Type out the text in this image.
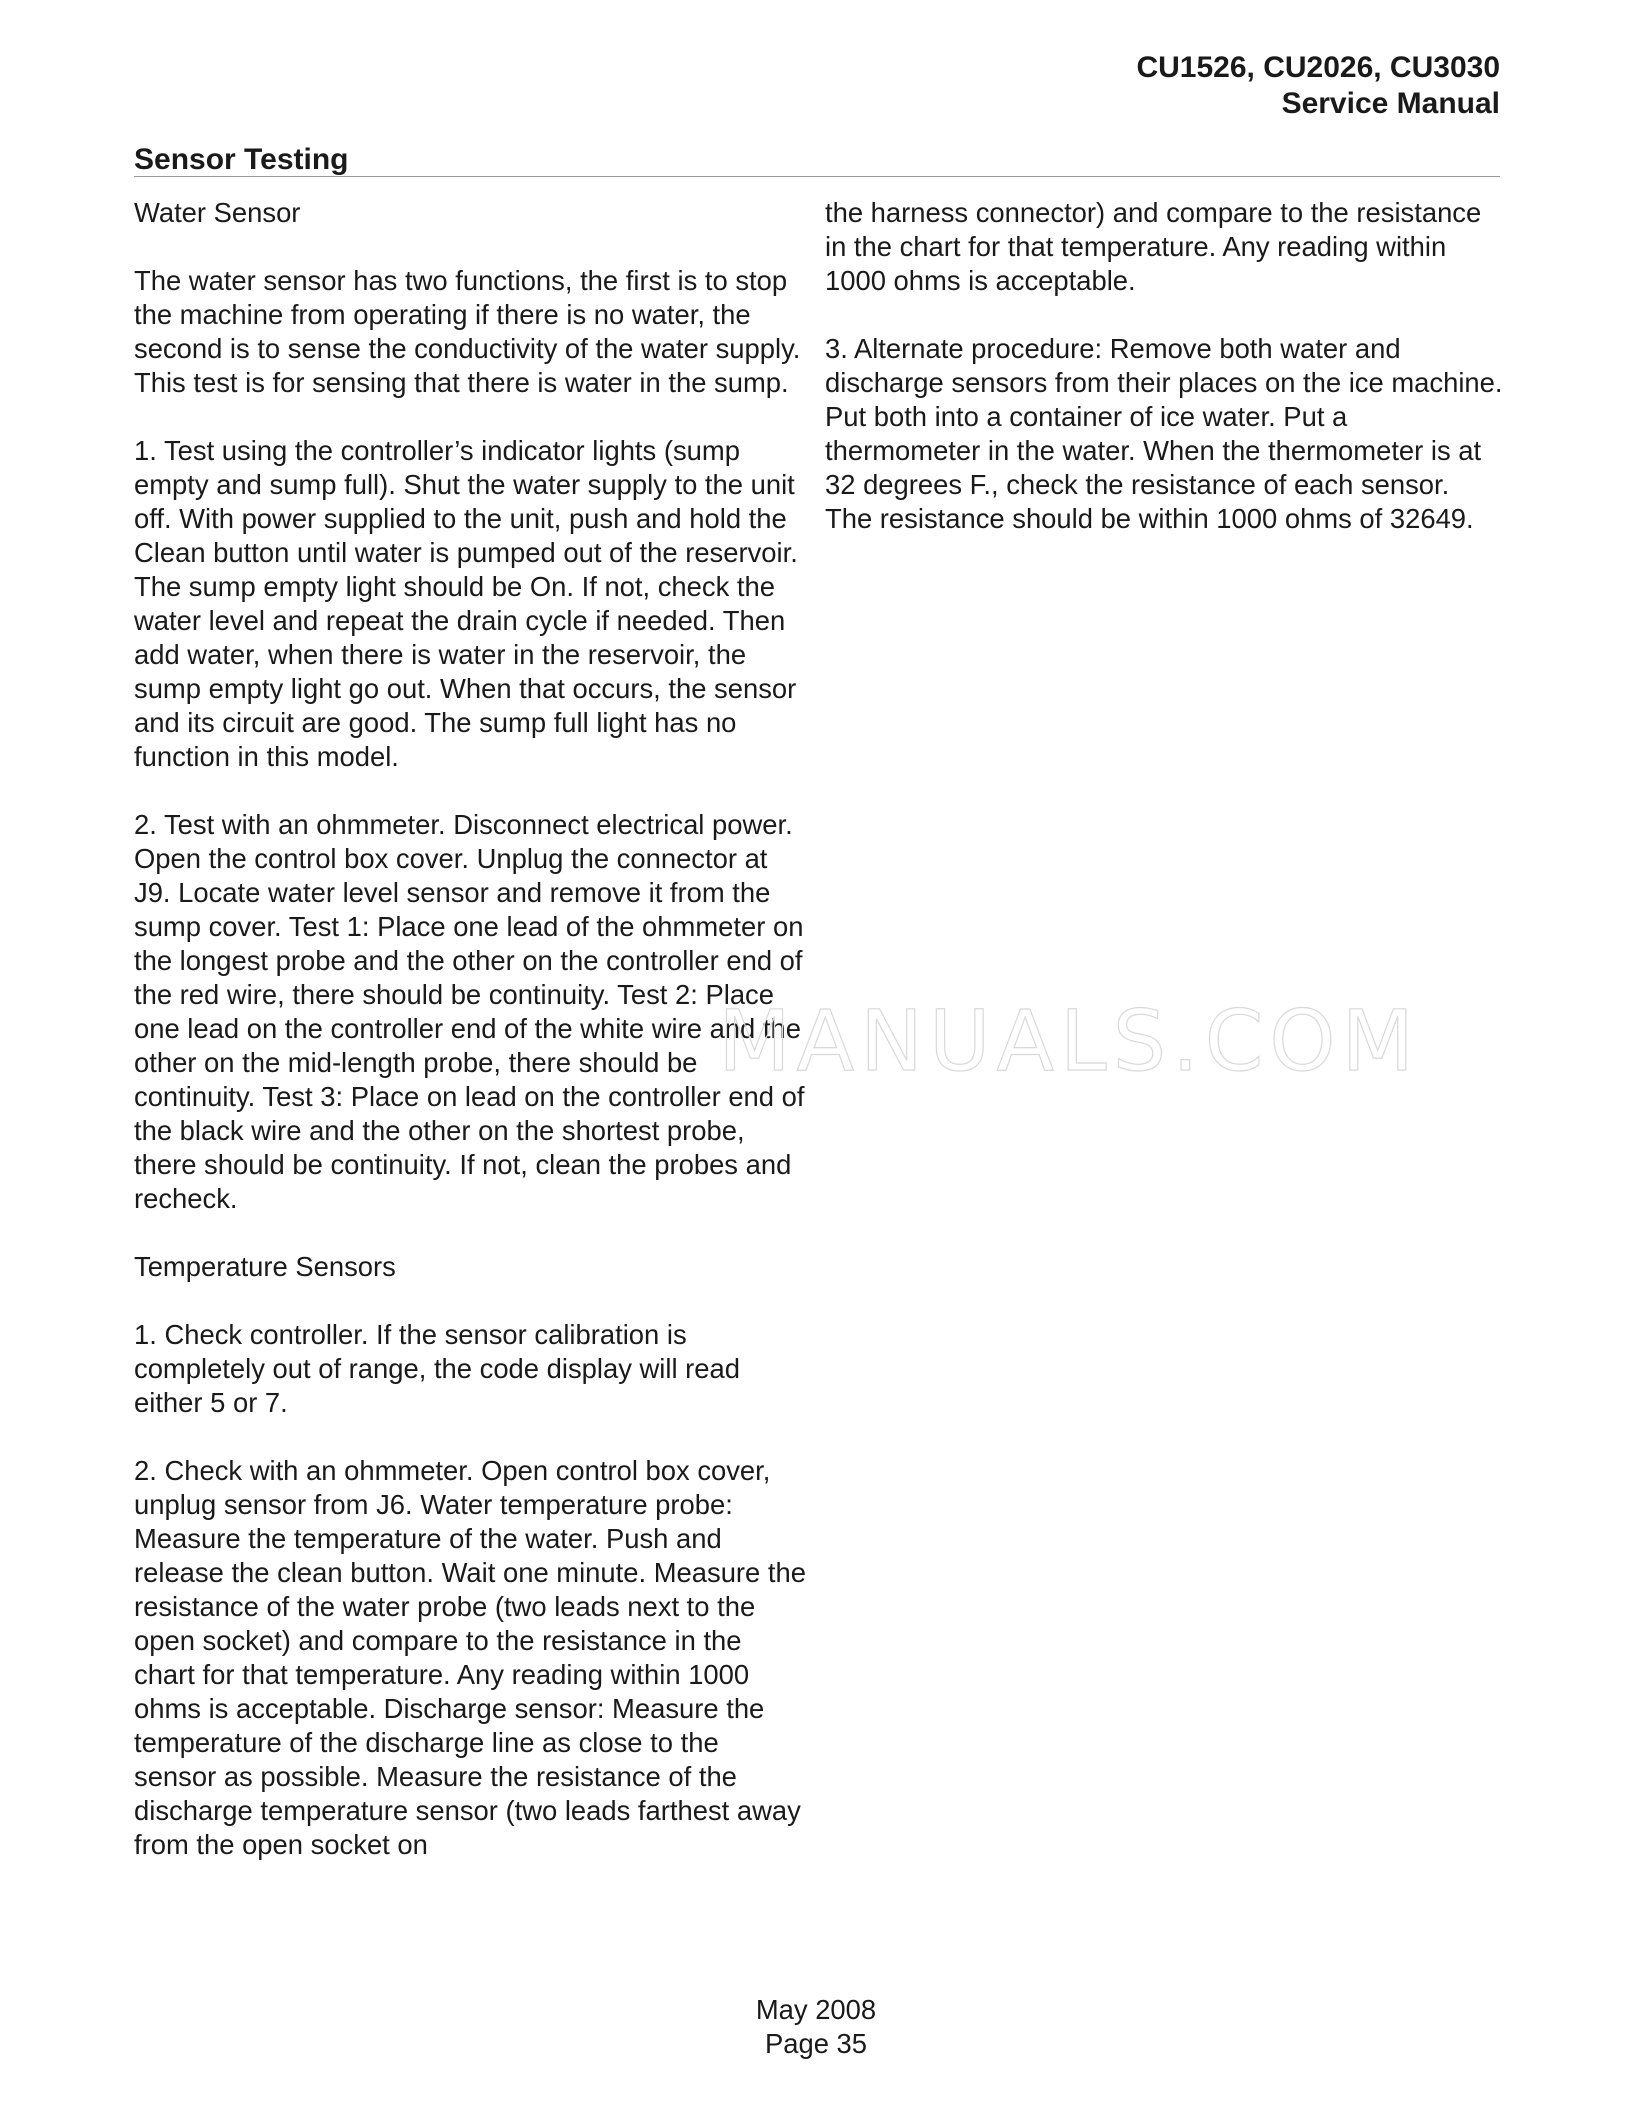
CU1526, CU2026, CU3030
Service Manual
Sensor Testing

Water Sensor

The water sensor has two functions, the first is to stop the machine from operating if there is no water, the second is to sense the conductivity of the water supply. This test is for sensing that there is water in the sump.

1. Test using the controller’s indicator lights (sump empty and sump full). Shut the water supply to the unit off. With power supplied to the unit, push and hold the Clean button until water is pumped out of the reservoir. The sump empty light should be On. If not, check the water level and repeat the drain cycle if needed. Then add water, when there is water in the reservoir, the sump empty light go out. When that occurs, the sensor and its circuit are good. The sump full light has no function in this model.

2. Test with an ohmmeter. Disconnect electrical power. Open the control box cover. Unplug the connector at J9. Locate water level sensor and remove it from the sump cover. Test 1: Place one lead of the ohmmeter on the longest probe and the other on the controller end of the red wire, there should be continuity. Test 2: Place one lead on the controller end of the white wire and the other on the mid-length probe, there should be continuity. Test 3: Place on lead on the controller end of the black wire and the other on the shortest probe, there should be continuity. If not, clean the probes and recheck.

Temperature Sensors

1. Check controller. If the sensor calibration is completely out of range, the code display will read either 5 or 7.

2. Check with an ohmmeter. Open control box cover, unplug sensor from J6. Water temperature probe: Measure the temperature of the water. Push and release the clean button. Wait one minute. Measure the resistance of the water probe (two leads next to the open socket) and compare to the resistance in the chart for that temperature. Any reading within 1000 ohms is acceptable. Discharge sensor: Measure the temperature of the discharge line as close to the sensor as possible. Measure the resistance of the discharge temperature sensor (two leads farthest away from the open socket on

the harness connector) and compare to the resistance in the chart for that temperature. Any reading within 1000 ohms is acceptable.

3. Alternate procedure: Remove both water and discharge sensors from their places on the ice machine. Put both into a container of ice water. Put a thermometer in the water. When the thermometer is at 32 degrees F., check the resistance of each sensor. The resistance should be within 1000 ohms of 32649.

MANUALS.COM
May 2008
Page 35
